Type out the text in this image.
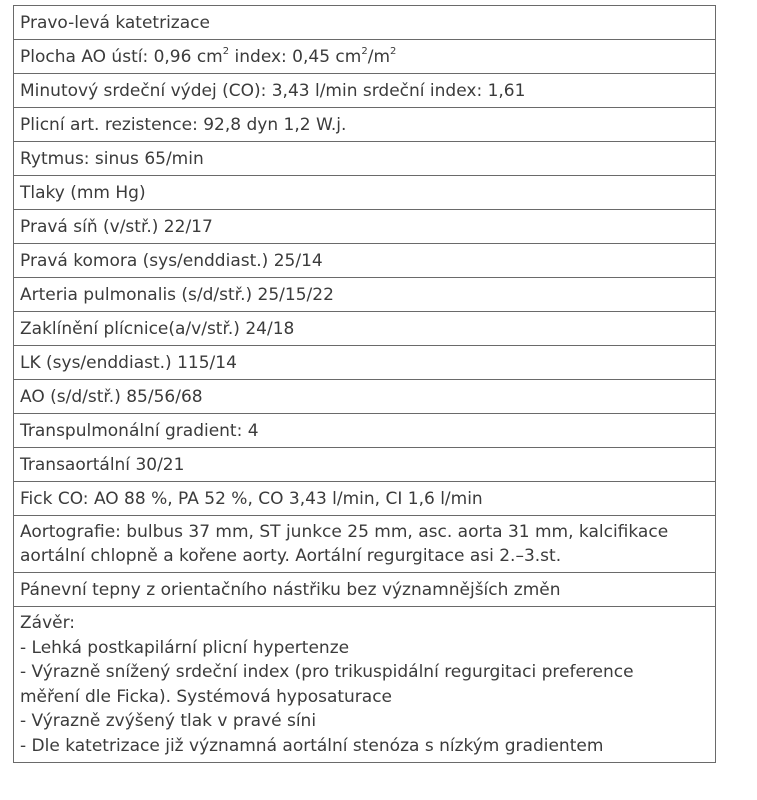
Pravo-levá katetrizace
Plocha AO ústí: 0,96 $cm^2$ index: 0,45 $cm^2/m^2$
Minutový srdeční výdej (CO): 3,43 l/min srdeční index: 1,61
Plicní art. rezistence: 92,8 dyn 1,2 W.j.
Rytmus: sinus 65/min
Tlaky (mm Hg)
Pravá síň (v/stř.) 22/17
Pravá komora (sys/enddiast.) 25/14
Arteria pulmonalis (s/d/stř.) 25/15/22
Zaklínění plícnice(a/v/stř.) 24/18
LK (sys/enddiast.) 115/14
AO (s/d/stř.) 85/56/68
Transpulmonální gradient: 4
Transaortální 30/21
Fick CO: AO 88 %, PA 52 %, CO 3,43 l/min, CI 1,6 l/min
Aortografie: bulbus 37 mm, ST junkce 25 mm, asc. aorta 31 mm, kalcifikace
aortální chlopně a kořene aorty. Aortální regurgitace asi 2.–3.st.
Pánevní tepny z orientačního nástřiku bez významnějších změn
Závěr:
- Lehká postkapilární plicní hypertenze
- Výrazně snížený srdeční index (pro trikuspidální regurgitaci preference
měření dle Ficka). Systémová hyposaturace
- Výrazně zvýšený tlak v pravé síni
- Dle katetrizace již významná aortální stenóza s nízkým gradientem
